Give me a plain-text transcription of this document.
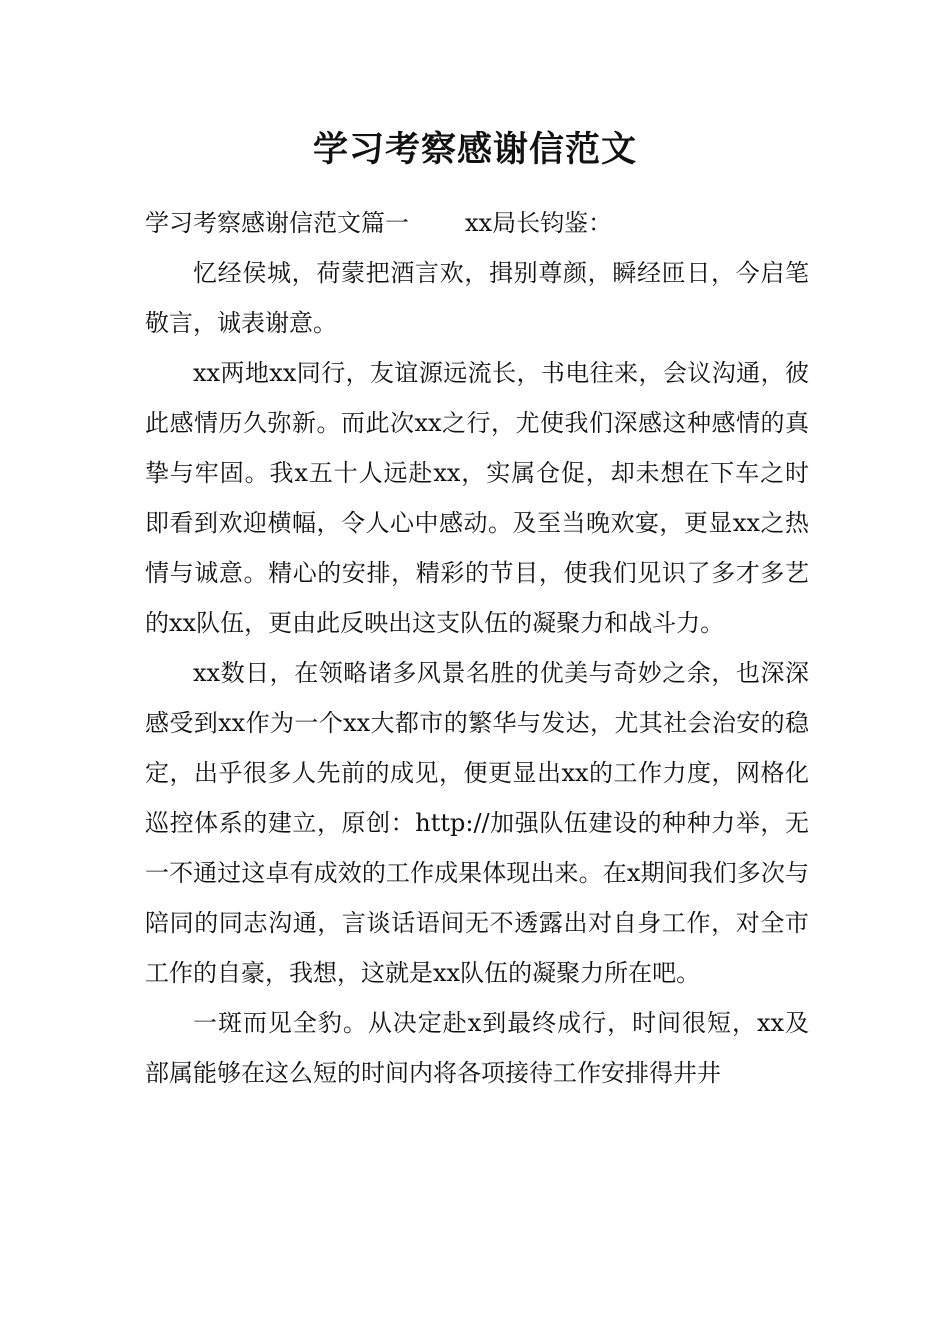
学习考察感谢信范文

学习考察感谢信范文篇一 xx局长钧鉴：

忆经侯城，荷蒙把酒言欢，揖别尊颜，瞬经匝日，今启笔敬言，诚表谢意。

xx两地xx同行，友谊源远流长，书电往来，会议沟通，彼此感情历久弥新。而此次xx之行，尤使我们深感这种感情的真挚与牢固。我x五十人远赴xx，实属仓促，却未想在下车之时即看到欢迎横幅，令人心中感动。及至当晚欢宴，更显xx之热情与诚意。精心的安排，精彩的节目，使我们见识了多才多艺的xx队伍，更由此反映出这支队伍的凝聚力和战斗力。

xx数日，在领略诸多风景名胜的优美与奇妙之余，也深深感受到xx作为一个xx大都市的繁华与发达，尤其社会治安的稳定，出乎很多人先前的成见，便更显出xx的工作力度，网格化巡控体系的建立，原创：http://加强队伍建设的种种力举，无一不通过这卓有成效的工作成果体现出来。在x期间我们多次与陪同的同志沟通，言谈话语间无不透露出对自身工作，对全市工作的自豪，我想，这就是xx队伍的凝聚力所在吧。

一斑而见全豹。从决定赴x到最终成行，时间很短，xx及部属能够在这么短的时间内将各项接待工作安排得井井
